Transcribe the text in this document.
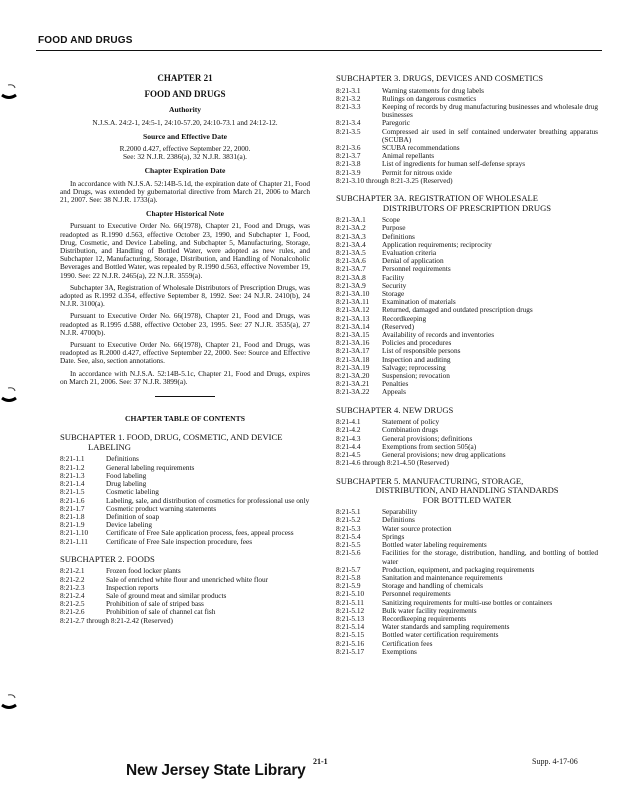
FOOD AND DRUGS
CHAPTER 21
FOOD AND DRUGS
Authority
N.J.S.A. 24:2-1, 24:5-1, 24:10-57.20, 24:10-73.1 and 24:12-12.
Source and Effective Date
R.2000 d.427, effective September 22, 2000.
See: 32 N.J.R. 2386(a), 32 N.J.R. 3831(a).
Chapter Expiration Date

In accordance with N.J.S.A. 52:14B-5.1d, the expiration date of Chapter 21, Food and Drugs, was extended by gubernatorial directive from March 21, 2006 to March 21, 2007. See: 38 N.J.R. 1733(a).

Chapter Historical Note

Pursuant to Executive Order No. 66(1978), Chapter 21, Food and Drugs, was readopted as R.1990 d.563, effective October 23, 1990, and Subchapter 1, Food, Drug, Cosmetic, and Device Labeling, and Subchapter 5, Manufacturing, Storage, Distribution, and Handling of Bottled Water, were adopted as new rules, and Subchapter 12, Manufacturing, Storage, Distribution, and Handling of Nonalcoholic Beverages and Bottled Water, was repealed by R.1990 d.563, effective November 19, 1990. See: 22 N.J.R. 2465(a), 22 N.J.R. 3559(a).

Subchapter 3A, Registration of Wholesale Distributors of Prescription Drugs, was adopted as R.1992 d.354, effective September 8, 1992. See: 24 N.J.R. 2410(b), 24 N.J.R. 3100(a).

Pursuant to Executive Order No. 66(1978), Chapter 21, Food and Drugs, was readopted as R.1995 d.588, effective October 23, 1995. See: 27 N.J.R. 3535(a), 27 N.J.R. 4700(b).

Pursuant to Executive Order No. 66(1978), Chapter 21, Food and Drugs, was readopted as R.2000 d.427, effective September 22, 2000. See: Source and Effective Date. See, also, section annotations.

In accordance with N.J.S.A. 52:14B-5.1c, Chapter 21, Food and Drugs, expires on March 21, 2006. See: 37 N.J.R. 3899(a).

CHAPTER TABLE OF CONTENTS
SUBCHAPTER 1. FOOD, DRUG, COSMETIC, AND DEVICE
LABELING
8:21-1.1	Definitions
8:21-1.2	General labeling requirements
8:21-1.3	Food labeling
8:21-1.4	Drug labeling
8:21-1.5	Cosmetic labeling
8:21-1.6	Labeling, sale, and distribution of cosmetics for professional use only
8:21-1.7	Cosmetic product warning statements
8:21-1.8	Definition of soap
8:21-1.9	Device labeling
8:21-1.10	Certificate of Free Sale application process, fees, appeal process
8:21-1.11	Certificate of Free Sale inspection procedure, fees
SUBCHAPTER 2. FOODS
8:21-2.1	Frozen food locker plants
8:21-2.2	Sale of enriched white flour and unenriched white flour
8:21-2.3	Inspection reports
8:21-2.4	Sale of ground meat and similar products
8:21-2.5	Prohibition of sale of striped bass
8:21-2.6	Prohibition of sale of channel cat fish
8:21-2.7 through 8:21-2.42 (Reserved)
SUBCHAPTER 3. DRUGS, DEVICES AND COSMETICS
8:21-3.1	Warning statements for drug labels
8:21-3.2	Rulings on dangerous cosmetics
8:21-3.3	Keeping of records by drug manufacturing businesses and wholesale drug businesses
8:21-3.4	Paregoric
8:21-3.5	Compressed air used in self contained underwater breathing apparatus (SCUBA)
8:21-3.6	SCUBA recommendations
8:21-3.7	Animal repellants
8:21-3.8	List of ingredients for human self-defense sprays
8:21-3.9	Permit for nitrous oxide
8:21-3.10 through 8:21-3.25 (Reserved)
SUBCHAPTER 3A. REGISTRATION OF WHOLESALE
DISTRIBUTORS OF PRESCRIPTION DRUGS
8:21-3A.1	Scope
8:21-3A.2	Purpose
8:21-3A.3	Definitions
8:21-3A.4	Application requirements; reciprocity
8:21-3A.5	Evaluation criteria
8:21-3A.6	Denial of application
8:21-3A.7	Personnel requirements
8:21-3A.8	Facility
8:21-3A.9	Security
8:21-3A.10	Storage
8:21-3A.11	Examination of materials
8:21-3A.12	Returned, damaged and outdated prescription drugs
8:21-3A.13	Recordkeeping
8:21-3A.14	(Reserved)
8:21-3A.15	Availability of records and inventories
8:21-3A.16	Policies and procedures
8:21-3A.17	List of responsible persons
8:21-3A.18	Inspection and auditing
8:21-3A.19	Salvage; reprocessing
8:21-3A.20	Suspension; revocation
8:21-3A.21	Penalties
8:21-3A.22	Appeals
SUBCHAPTER 4. NEW DRUGS
8:21-4.1	Statement of policy
8:21-4.2	Combination drugs
8:21-4.3	General provisions; definitions
8:21-4.4	Exemptions from section 505(a)
8:21-4.5	General provisions; new drug applications
8:21-4.6 through 8:21-4.50 (Reserved)
SUBCHAPTER 5. MANUFACTURING, STORAGE,
DISTRIBUTION, AND HANDLING STANDARDS
FOR BOTTLED WATER
8:21-5.1	Separability
8:21-5.2	Definitions
8:21-5.3	Water source protection
8:21-5.4	Springs
8:21-5.5	Bottled water labeling requirements
8:21-5.6	Facilities for the storage, distribution, handling, and bottling of bottled water
8:21-5.7	Production, equipment, and packaging requirements
8:21-5.8	Sanitation and maintenance requirements
8:21-5.9	Storage and handling of chemicals
8:21-5.10	Personnel requirements
8:21-5.11	Sanitizing requirements for multi-use bottles or containers
8:21-5.12	Bulk water facility requirements
8:21-5.13	Recordkeeping requirements
8:21-5.14	Water standards and sampling requirements
8:21-5.15	Bottled water certification requirements
8:21-5.16	Certification fees
8:21-5.17	Exemptions
New Jersey State Library
21-1	Supp. 4-17-06
